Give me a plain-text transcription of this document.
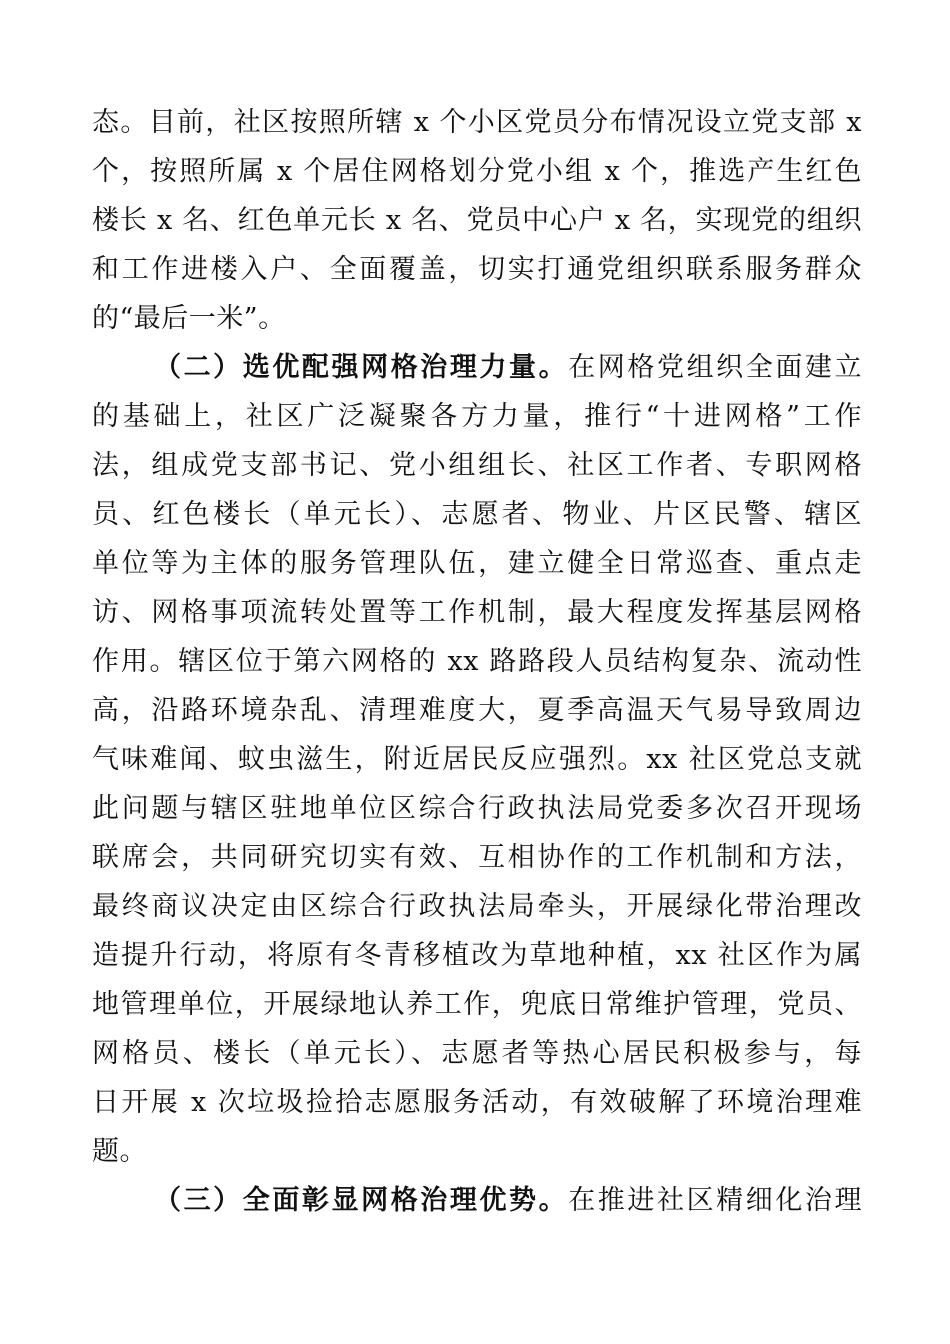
态。目前，社区按照所辖 x 个小区党员分布情况设立党支部 x
个，按照所属 x 个居住网格划分党小组 x 个，推选产生红色
楼长 x 名、红色单元长 x 名、党员中心户 x 名，实现党的组织
和工作进楼入户、全面覆盖，切实打通党组织联系服务群众
的“最后一米”。
（二）选优配强网格治理力量。在网格党组织全面建立
的基础上，社区广泛凝聚各方力量，推行“十进网格”工作
法，组成党支部书记、党小组组长、社区工作者、专职网格
员、红色楼长（单元长）、志愿者、物业、片区民警、辖区
单位等为主体的服务管理队伍，建立健全日常巡查、重点走
访、网格事项流转处置等工作机制，最大程度发挥基层网格
作用。辖区位于第六网格的 xx 路路段人员结构复杂、流动性
高，沿路环境杂乱、清理难度大，夏季高温天气易导致周边
气味难闻、蚊虫滋生，附近居民反应强烈。xx 社区党总支就
此问题与辖区驻地单位区综合行政执法局党委多次召开现场
联席会，共同研究切实有效、互相协作的工作机制和方法，
最终商议决定由区综合行政执法局牵头，开展绿化带治理改
造提升行动，将原有冬青移植改为草地种植，xx 社区作为属
地管理单位，开展绿地认养工作，兜底日常维护管理，党员、
网格员、楼长（单元长）、志愿者等热心居民积极参与，每
日开展 x 次垃圾捡拾志愿服务活动，有效破解了环境治理难
题。
（三）全面彰显网格治理优势。在推进社区精细化治理
